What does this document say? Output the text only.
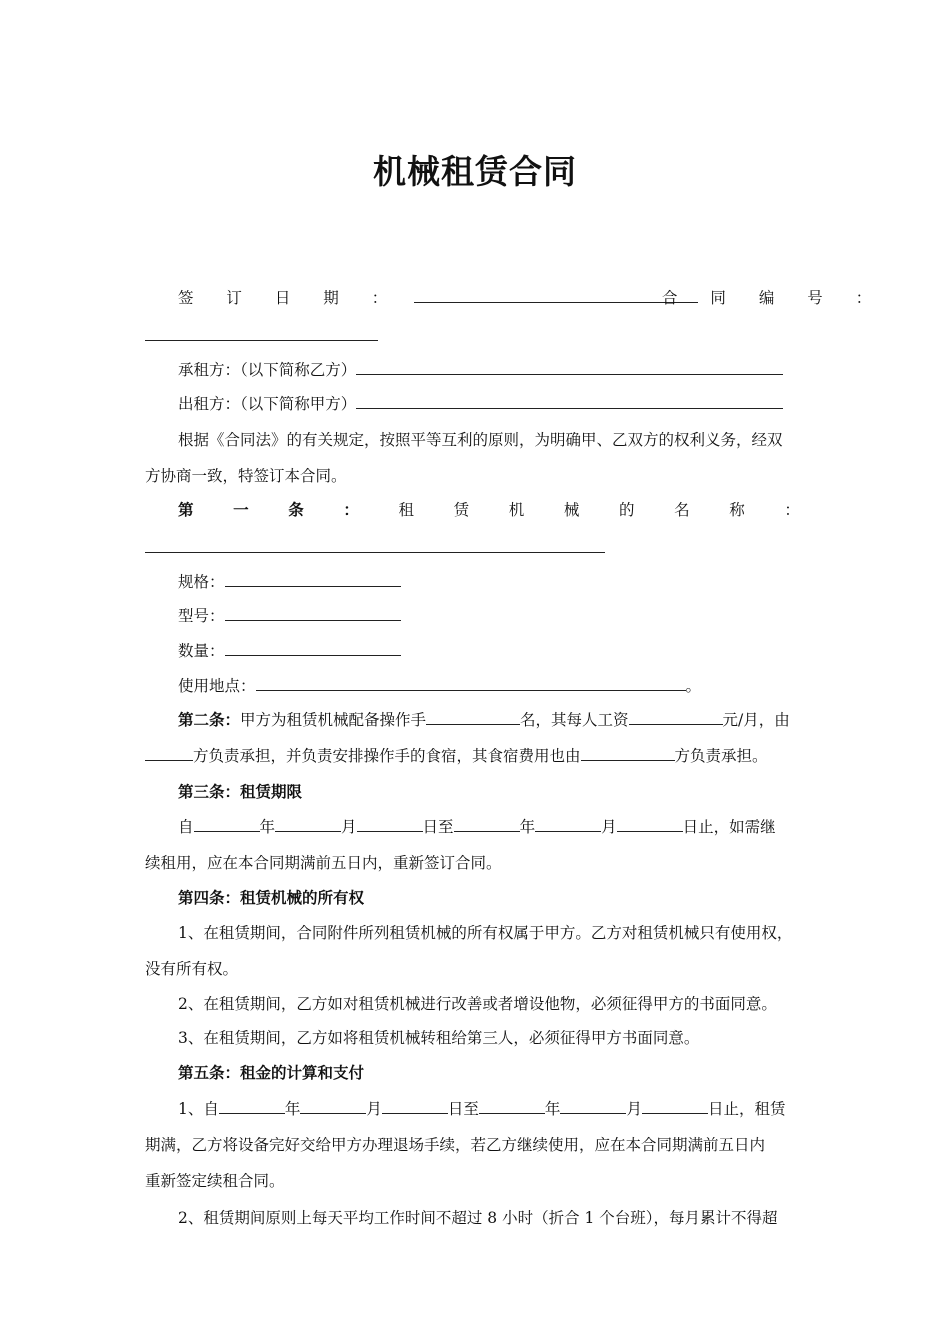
机械租赁合同
签 订 日 期 ：	合 同 编 号 ：
承租方：（以下简称乙方）
出租方：（以下简称甲方）
根据《合同法》的有关规定，按照平等互利的原则，为明确甲、乙双方的权利义务，经双
方协商一致，特签订本合同。
第	一	条	：	租	赁	机	械	的	名	称	：
规格：
型号：
数量：
使用地点：	。
第二条：甲方为租赁机械配备操作手	名，其每人工资	元/月，由
方负责承担，并负责安排操作手的食宿，其食宿费用也由	方负责承担。
第三条：租赁期限
自	年	月	日至	年	月	日止，如需继
续租用，应在本合同期满前五日内，重新签订合同。
第四条：租赁机械的所有权
1、在租赁期间，合同附件所列租赁机械的所有权属于甲方。乙方对租赁机械只有使用权，
没有所有权。
2、在租赁期间，乙方如对租赁机械进行改善或者增设他物，必须征得甲方的书面同意。
3、在租赁期间，乙方如将租赁机械转租给第三人，必须征得甲方书面同意。
第五条：租金的计算和支付
1、自	年	月	日至	年	月	日止，租赁
期满，乙方将设备完好交给甲方办理退场手续，若乙方继续使用，应在本合同期满前五日内
重新签定续租合同。
2、租赁期间原则上每天平均工作时间不超过 8 小时（折合 1 个台班），每月累计不得超
